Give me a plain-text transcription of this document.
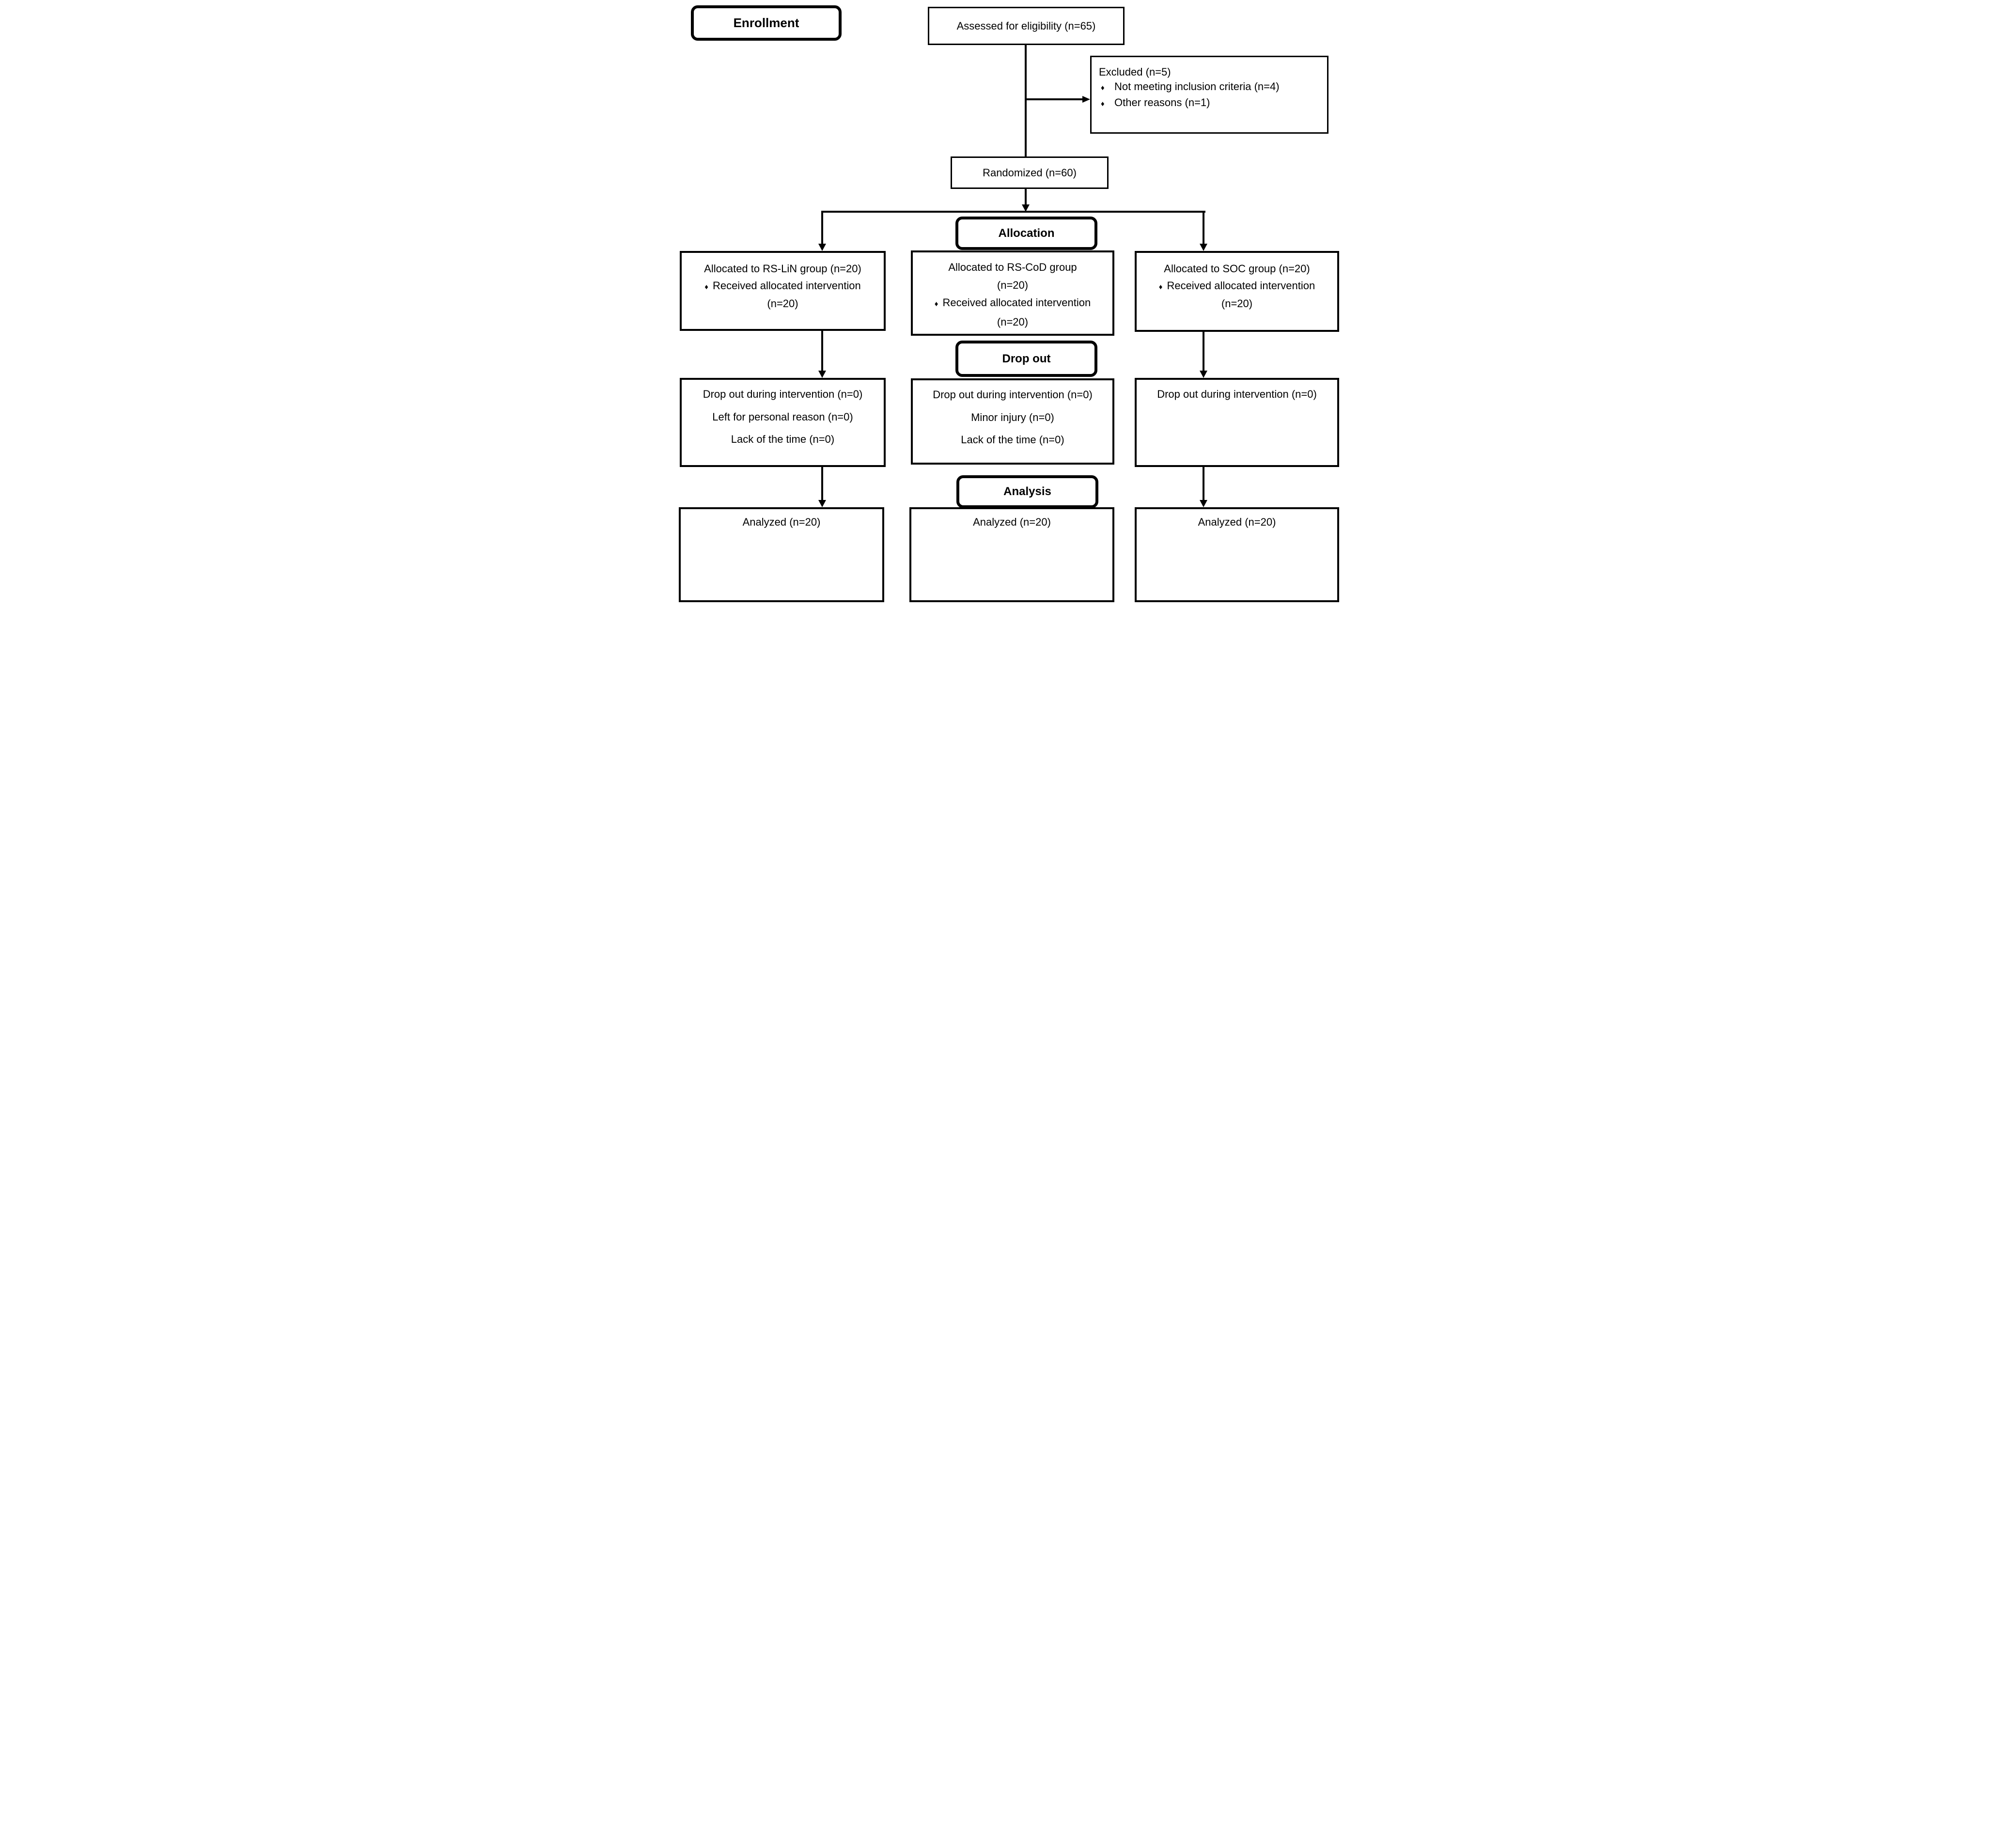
Enrollment
Allocation
Drop out
Analysis
Assessed for eligibility (n=65)
Excluded (n=5)
♦ Not meeting inclusion criteria (n=4)
♦ Other reasons (n=1)
Randomized (n=60)
Allocated to RS-LiN group (n=20)
♦ Received allocated intervention
(n=20)
Allocated to RS-CoD group
(n=20)
♦ Received allocated intervention
(n=20)
Allocated to SOC group (n=20)
♦ Received allocated intervention
(n=20)
Drop out during intervention (n=0)
Left for personal reason (n=0)
Lack of the time (n=0)
Drop out during intervention (n=0)
Minor injury (n=0)
Lack of the time (n=0)
Drop out during intervention (n=0)
Analyzed (n=20)	Analyzed (n=20)	Analyzed (n=20)
